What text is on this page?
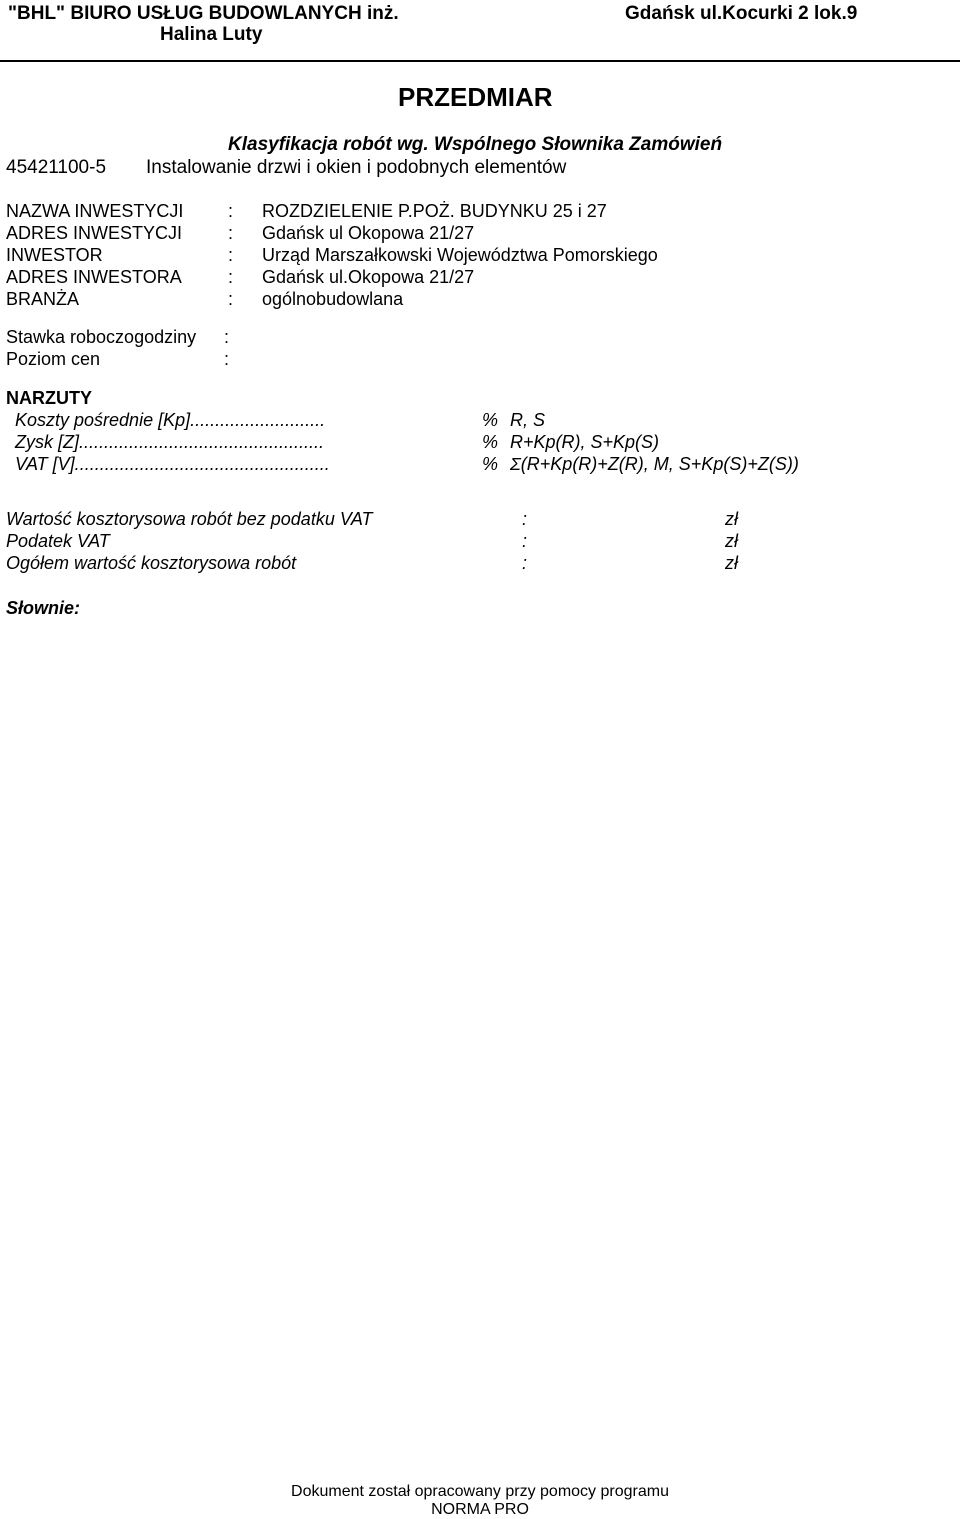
"BHL" BIURO USŁUG BUDOWLANYCH inż.
Halina Luty
Gdańsk ul.Kocurki 2 lok.9
PRZEDMIAR
Klasyfikacja robót wg. Wspólnego Słownika Zamówień
45421100-5 Instalowanie drzwi i okien i podobnych elementów
NAZWA INWESTYCJI : ROZDZIELENIE P.POŻ. BUDYNKU 25 i 27
ADRES INWESTYCJI	: Gdańsk ul Okopowa 21/27
INWESTOR	: Urząd Marszałkowski Województwa Pomorskiego
ADRES INWESTORA	: Gdańsk ul.Okopowa 21/27
BRANŻA	: ogólnobudowlana
Stawka roboczogodziny :
Poziom cen	:
NARZUTY
Koszty pośrednie [Kp]...........................	% R, S
Zysk [Z].................................................	% R+Kp(R), S+Kp(S)
VAT [V]...................................................	% Σ(R+Kp(R)+Z(R), M, S+Kp(S)+Z(S))
Wartość kosztorysowa robót bez podatku VAT	:	zł
Podatek VAT	:	zł
Ogółem wartość kosztorysowa robót	:	zł
Słownie:
Dokument został opracowany przy pomocy programu
NORMA PRO
